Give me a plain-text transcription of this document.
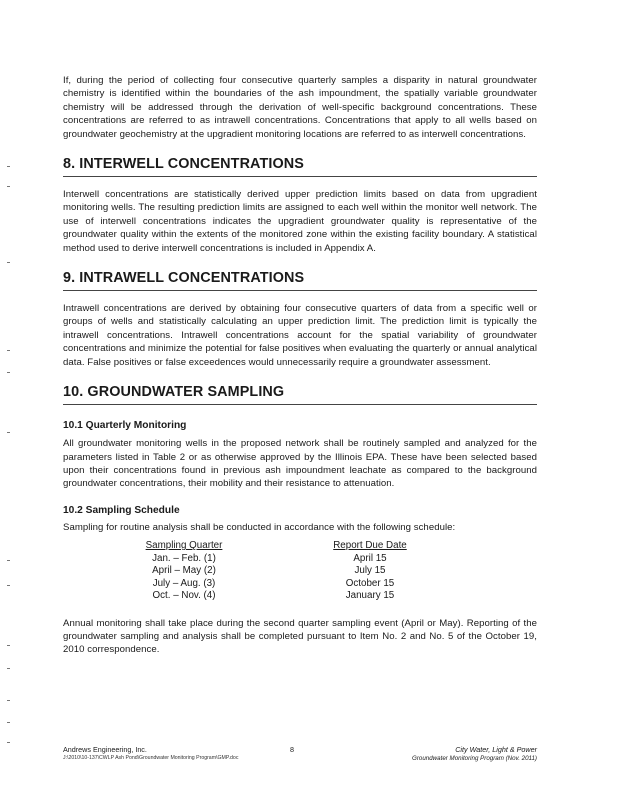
If, during the period of collecting four consecutive quarterly samples a disparity in natural groundwater chemistry is identified within the boundaries of the ash impoundment, the spatially variable groundwater chemistry will be addressed through the derivation of well-specific background concentrations. These concentrations are referred to as intrawell concentrations. Concentrations that apply to all wells based on groundwater geochemistry at the upgradient monitoring locations are referred to as interwell concentrations.

8. INTERWELL CONCENTRATIONS

Interwell concentrations are statistically derived upper prediction limits based on data from upgradient monitoring wells. The resulting prediction limits are assigned to each well within the monitor well network. The use of interwell concentrations indicates the upgradient groundwater quality is representative of the groundwater quality within the extents of the monitored zone within the existing facility boundary. A statistical method used to derive interwell concentrations is included in Appendix A.

9. INTRAWELL CONCENTRATIONS

Intrawell concentrations are derived by obtaining four consecutive quarters of data from a specific well or groups of wells and statistically calculating an upper prediction limit. The prediction limit is typically the intrawell concentrations. Intrawell concentrations account for the spatial variability of groundwater concentrations and minimize the potential for false positives when evaluating the quarterly or annual analytical data. False positives or false exceedences would unnecessarily require a groundwater assessment.

10. GROUNDWATER SAMPLING
10.1 Quarterly Monitoring

All groundwater monitoring wells in the proposed network shall be routinely sampled and analyzed for the parameters listed in Table 2 or as otherwise approved by the Illinois EPA. These have been selected based upon their concentrations found in previous ash impoundment leachate as compared to the background groundwater concentrations, their mobility and their resistance to attenuation.

10.2 Sampling Schedule

Sampling for routine analysis shall be conducted in accordance with the following schedule:

Sampling Quarter
Jan. – Feb. (1)
April – May (2)
July – Aug. (3)
Oct. – Nov. (4)
Report Due Date
April 15
July 15
October 15
January 15

Annual monitoring shall take place during the second quarter sampling event (April or May). Reporting of the groundwater sampling and analysis shall be completed pursuant to Item No. 2 and No. 5 of the October 19, 2010 correspondence.

Andrews Engineering, Inc.
J:\2010\10-137\CWLP Ash Pond\Groundwater Monitoring Program\GMP.doc
8	City Water, Light & Power
Groundwater Monitoring Program (Nov. 2011)
